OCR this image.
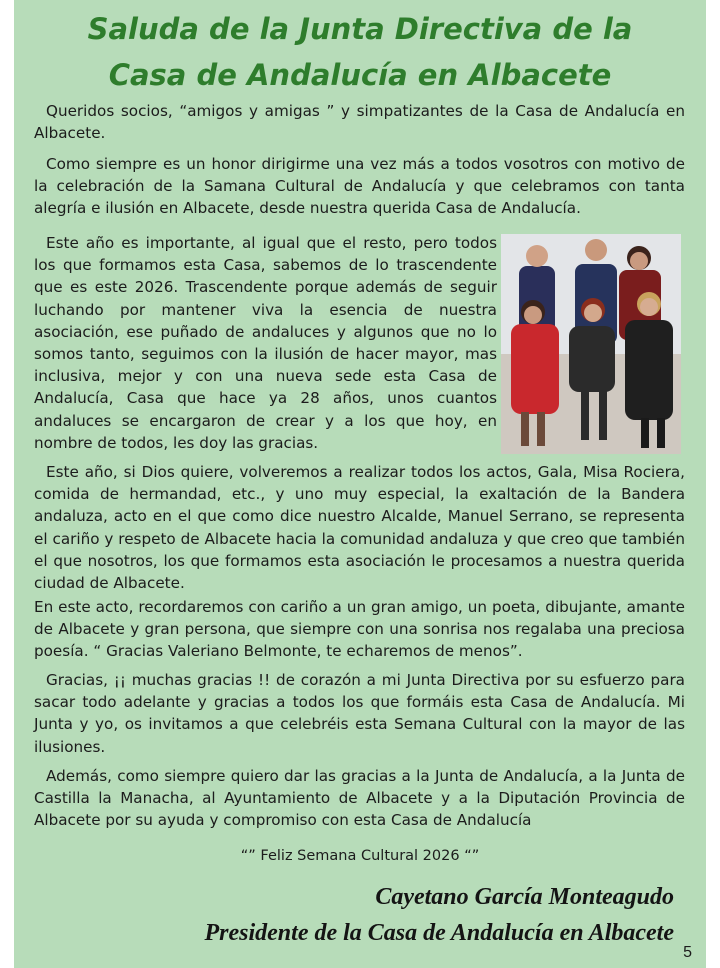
Saluda de la Junta Directiva de la
Casa de Andalucía en Albacete
Queridos socios, “amigos y amigas ” y simpatizantes de la Casa de Andalucía en Albacete.
Como siempre es un honor dirigirme una vez más a todos vosotros con motivo de la celebración de la Samana Cultural de Andalucía y que celebramos con tanta alegría e ilusión en Albacete, desde nuestra querida Casa de Andalucía.
Este año es importante, al igual que el resto, pero todos los que formamos esta Casa, sabemos de lo trascendente que es este 2026. Trascendente porque además de seguir luchando por mantener viva la esencia de nuestra asociación, ese puñado de andaluces y algunos que no lo somos tanto, seguimos con la ilusión de hacer mayor, mas inclusiva, mejor y con una nueva sede esta Casa de Andalucía, Casa que hace ya 28 años, unos cuantos andaluces se encargaron de crear y a los que hoy, en nombre de todos, les doy las gracias.
Este año, si Dios quiere, volveremos a realizar todos los actos, Gala, Misa Rociera, comida de hermandad, etc., y uno muy especial, la exaltación de la Bandera andaluza, acto en el que como dice nuestro Alcalde, Manuel Serrano, se representa el cariño y respeto de Albacete hacia la comunidad andaluza y que creo que también el que nosotros, los que formamos esta asociación le procesamos a nuestra querida ciudad de Albacete.
En este acto, recordaremos con cariño a un gran amigo, un poeta, dibujante, amante de Albacete y gran persona, que siempre con una sonrisa nos regalaba una preciosa poesía. “ Gracias Valeriano Belmonte, te echaremos de menos”.
Gracias, ¡¡ muchas gracias !! de corazón a mi Junta Directiva por su esfuerzo para sacar todo adelante y gracias a todos los que formáis esta Casa de Andalucía. Mi Junta y yo, os invitamos a que celebréis esta Semana Cultural con la mayor de las ilusiones.
Además, como siempre quiero dar las gracias a la Junta de Andalucía, a la Junta de Castilla la Manacha, al Ayuntamiento de Albacete y a la Diputación Provincia de Albacete por su ayuda y compromiso con esta Casa de Andalucía
“” Feliz Semana Cultural 2026 “”
Cayetano García Monteagudo
Presidente de la Casa de Andalucía en Albacete
5
